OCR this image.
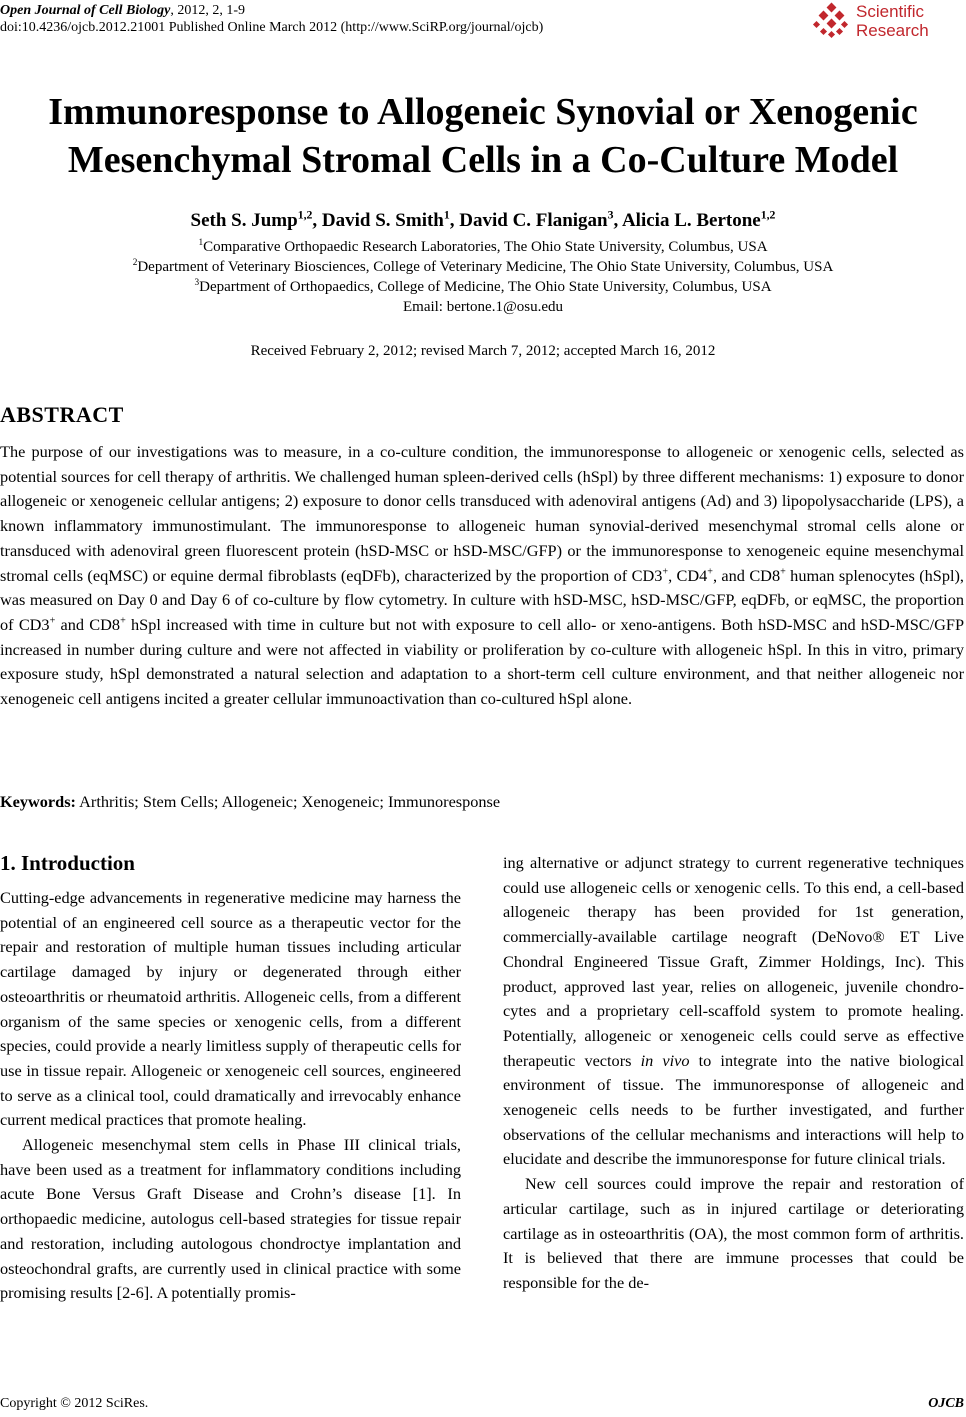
Open Journal of Cell Biology, 2012, 2, 1-9
doi:10.4236/ojcb.2012.21001 Published Online March 2012 (http://www.SciRP.org/journal/ojcb)
Scientific
Research
Immunoresponse to Allogeneic Synovial or Xenogenic
Mesenchymal Stromal Cells in a Co-Culture Model
Seth S. Jump$^{1,2}$, David S. Smith$^1$, David C. Flanigan$^3$, Alicia L. Bertone$^{1,2}$
$^1$Comparative Orthopaedic Research Laboratories, The Ohio State University, Columbus, USA
$^2$Department of Veterinary Biosciences, College of Veterinary Medicine, The Ohio State University, Columbus, USA
$^3$Department of Orthopaedics, College of Medicine, The Ohio State University, Columbus, USA
Email: bertone.1@osu.edu
Received February 2, 2012; revised March 7, 2012; accepted March 16, 2012
ABSTRACT
The purpose of our investigations was to measure, in a co-culture condition, the immunoresponse to allogeneic or xenogenic cells, selected as potential sources for cell therapy of arthritis. We challenged human spleen-derived cells (hSpl) by three different mechanisms: 1) exposure to donor allogeneic or xenogeneic cellular antigens; 2) exposure to donor cells transduced with adenoviral antigens (Ad) and 3) lipopolysaccharide (LPS), a known inflammatory immunostimulant. The immunoresponse to allogeneic human synovial-derived mesenchymal stromal cells alone or transduced with adenoviral green fluorescent protein (hSD-MSC or hSD-MSC/GFP) or the immunoresponse to xenogeneic equine mesenchymal stromal cells (eqMSC) or equine dermal fibroblasts (eqDFb), characterized by the proportion of CD3+, CD4+, and CD8+ human splenocytes (hSpl), was measured on Day 0 and Day 6 of co-culture by flow cytometry. In culture with hSD-MSC, hSD-MSC/GFP, eqDFb, or eqMSC, the proportion of CD3+ and CD8+ hSpl increased with time in culture but not with exposure to cell allo- or xeno-antigens. Both hSD-MSC and hSD-MSC/GFP increased in number during culture and were not affected in viability or proliferation by co-culture with allogeneic hSpl. In this in vitro, primary exposure study, hSpl demonstrated a natural selection and adaptation to a short-term cell culture environment, and that neither allogeneic nor xenogeneic cell antigens incited a greater cellular immunoactivation than co-cultured hSpl alone.
Keywords: Arthritis; Stem Cells; Allogeneic; Xenogeneic; Immunoresponse
1. Introduction

Cutting-edge advancements in regenerative medicine may harness the potential of an engineered cell source as a therapeutic vector for the repair and restoration of multiple human tissues including articular cartilage damaged by injury or degenerated through either osteoarthritis or rheumatoid arthritis. Allogeneic cells, from a different organism of the same species or xenogenic cells, from a different species, could provide a nearly limitless supply of therapeutic cells for use in tissue repair. Allogeneic or xenogeneic cell sources, engineered to serve as a clinical tool, could dramatically and irrevocably enhance current medical practices that promote healing.

Allogeneic mesenchymal stem cells in Phase III clinical trials, have been used as a treatment for inflammatory conditions including acute Bone Versus Graft Disease and Crohn’s disease [1]. In orthopaedic medicine, autologus cell-based strategies for tissue repair and restoration, including autologous chondroctye implantation and osteochondral grafts, are currently used in clinical practice with some promising results [2-6]. A potentially promis-

ing alternative or adjunct strategy to current regenerative techniques could use allogeneic cells or xenogenic cells. To this end, a cell-based allogeneic therapy has been provided for 1st generation, commercially-available cartilage neograft (DeNovo® ET Live Chondral Engineered Tissue Graft, Zimmer Holdings, Inc). This product, approved last year, relies on allogeneic, juvenile chondrocytes and a proprietary cell-scaffold system to promote healing. Potentially, allogeneic or xenogeneic cells could serve as effective therapeutic vectors in vivo to integrate into the native biological environment of tissue. The immunoresponse of allogeneic and xenogeneic cells needs to be further investigated, and further observations of the cellular mechanisms and interactions will help to elucidate and describe the immunoresponse for future clinical trials.

New cell sources could improve the repair and restoration of articular cartilage, such as in injured cartilage or deteriorating cartilage as in osteoarthritis (OA), the most common form of arthritis. It is believed that there are immune processes that could be responsible for the de-

Copyright © 2012 SciRes.	OJCB
